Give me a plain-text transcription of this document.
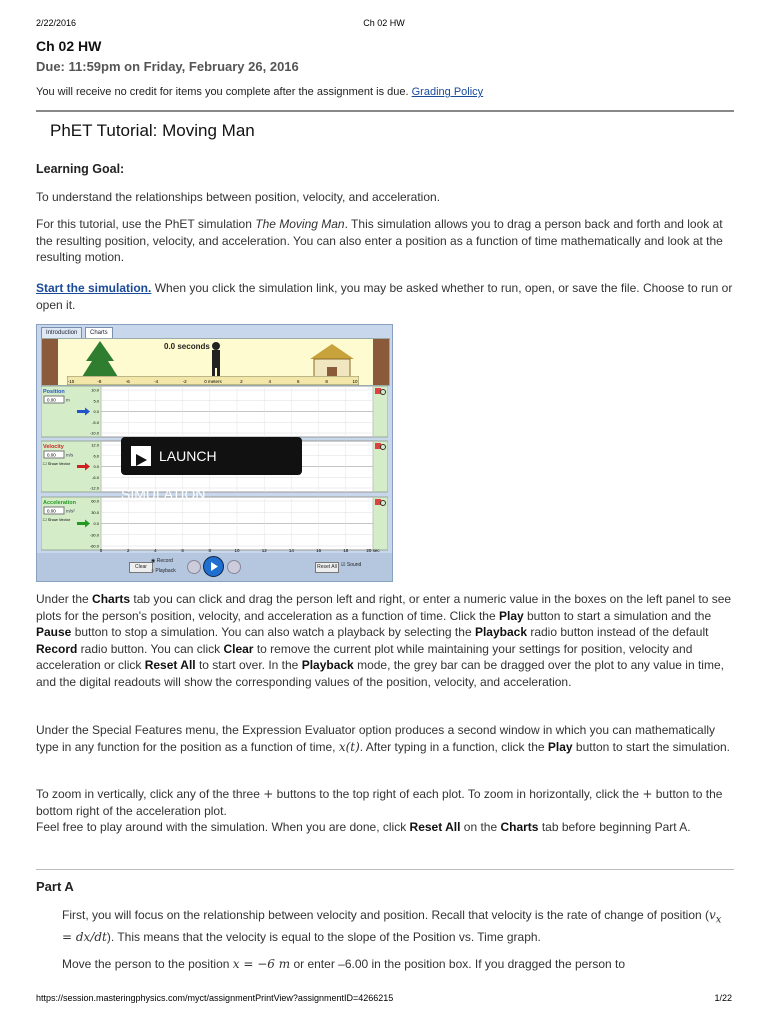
2/22/2016	Ch 02 HW
https://session.masteringphysics.com/myct/assignmentPrintView?assignmentID=4266215	1/22
Ch 02 HW
Due: 11:59pm on Friday, February 26, 2016
You will receive no credit for items you complete after the assignment is due. Grading Policy
PhET Tutorial: Moving Man
Learning Goal:
To understand the relationships between position, velocity, and acceleration.
For this tutorial, use the PhET simulation The Moving Man. This simulation allows you to drag a person back and forth and look at the resulting position, velocity, and acceleration. You can also enter a position as a function of time mathematically and look at the resulting motion.
Start the simulation. When you click the simulation link, you may be asked whether to run, open, or save the file. Choose to run or open it.
Introduction	Charts
0.0 seconds
-10	-8	-6	-4	-2	0 meters	2	4	6	8	10
Position
0.00 m
10.0
5.0
0.0
-5.0
-10.0
Velocity
0.00 m/s
☐ Show Vector
12.0
6.0
0.0
-6.0
-12.0
Acceleration
0.00 m/s²
☐ Show Vector
60.0
30.0
0.0
-30.0
-60.0
0	2	4	6	8	10	12	14	16	18	20 sec
Clear
◉ Record
○ Playback
Reset All ☑ Sound
LAUNCH SIMULATION
Under the Charts tab you can click and drag the person left and right, or enter a numeric value in the boxes on the left panel to see plots for the person's position, velocity, and acceleration as a function of time. Click the Play button to start a simulation and the Pause button to stop a simulation. You can also watch a playback by selecting the Playback radio button instead of the default Record radio button. You can click Clear to remove the current plot while maintaining your settings for position, velocity and acceleration or click Reset All to start over. In the Playback mode, the grey bar can be dragged over the plot to any value in time, and the digital readouts will show the corresponding values of the position, velocity, and acceleration.
Under the Special Features menu, the Expression Evaluator option produces a second window in which you can mathematically type in any function for the position as a function of time, x(t). After typing in a function, click the Play button to start the simulation.
To zoom in vertically, click any of the three + buttons to the top right of each plot. To zoom in horizontally, click the + button to the bottom right of the acceleration plot.
Feel free to play around with the simulation. When you are done, click Reset All on the Charts tab before beginning Part A.
Part A
First, you will focus on the relationship between velocity and position. Recall that velocity is the rate of change of position $(v_x = dx/dt)$. This means that the velocity is equal to the slope of the Position vs. Time graph.
Move the person to the position x = −6 m or enter –6.00 in the position box. If you dragged the person to
